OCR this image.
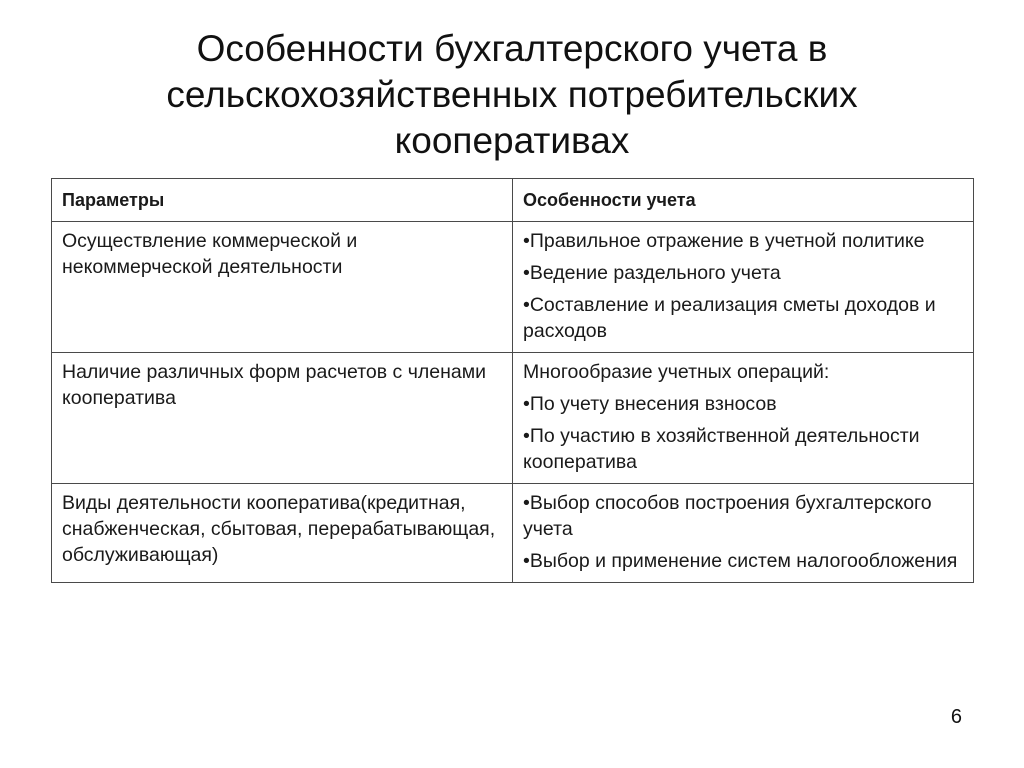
Особенности бухгалтерского учета в
сельскохозяйственных потребительских
кооперативах
Параметры	Особенности учета

Осуществление коммерческой и некоммерческой деятельности	•Правильное отражение в учетной политике
•Ведение раздельного учета
•Составление и реализация сметы доходов и расходов

Наличие различных форм расчетов с членами кооператива	Многообразие учетных операций:
•По учету внесения взносов
•По участию в хозяйственной деятельности кооператива

Виды деятельности кооператива(кредитная, снабженческая, сбытовая, перерабатывающая, обслуживающая)	•Выбор способов построения бухгалтерского учета
•Выбор и применение систем налогообложения
6
